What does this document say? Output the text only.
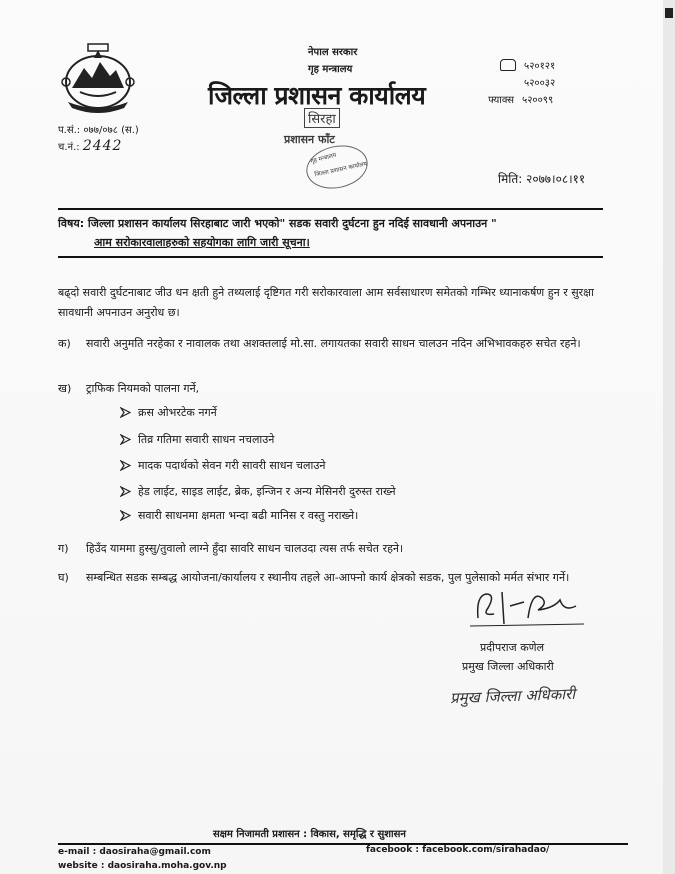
नेपाल सरकार
गृह मन्त्रालय
जिल्ला प्रशासन कार्यालय
५२०१२१
५२००३२
फ्याक्स ५२००९९
प.सं.: ०७७/०७८ (स.)
च.नं.: 2442
सिरहा
प्रशासन फाँट
गृह मन्त्रालय
जिल्ला प्रशासन कार्यालय
मिति: २०७७।०८।११
विषय: जिल्ला प्रशासन कार्यालय सिरहाबाट जारी भएको" सडक सवारी दुर्घटना हुन नदिई सावधानी अपनाउन "
आम सरोकारवालाहरुको सहयोगका लागि जारी सूचना।
बढ्दो सवारी दुर्घटनाबाट जीउ धन क्षती हुने तथ्यलाई दृष्टिगत गरी सरोकारवाला आम सर्वसाधारण समेतको गम्भिर ध्यानाकर्षण हुन र सुरक्षा सावधानी अपनाउन अनुरोध छ।
क) सवारी अनुमति नरहेका र नावालक तथा अशक्तलाई मो.सा. लगायतका सवारी साधन चालउन नदिन अभिभावकहरु सचेत रहने।
ख) ट्राफिक नियमको पालना गर्ने,
क्रस ओभरटेक नगर्ने
तिव्र गतिमा सवारी साधन नचलाउने
मादक पदार्थको सेवन गरी सावरी साधन चलाउने
हेड लाईट, साइड लाईट, ब्रेक, इन्जिन र अन्य मेसिनरी दुरुस्त राख्ने
सवारी साधनमा क्षमता भन्दा बढी मानिस र वस्तु नराख्ने।
ग) हिउँद याममा हुस्सु/तुवालो लाग्ने हुँदा सावरि साधन चालउदा त्यस तर्फ सचेत रहने।
घ) सम्बन्धित सडक सम्बद्ध आयोजना/कार्यालय र स्थानीय तहले आ-आफ्नो कार्य क्षेत्रको सडक, पुल पुलेसाको मर्मत संभार गर्ने।
प्रदीपराज कणेल
प्रमुख जिल्ला अधिकारी
प्रमुख जिल्ला अधिकारी
सक्षम निजामती प्रशासन : विकास, समृद्धि र सुशासन
e-mail : daosiraha@gmail.com
website : daosiraha.moha.gov.np
facebook : facebook.com/sirahadao/
